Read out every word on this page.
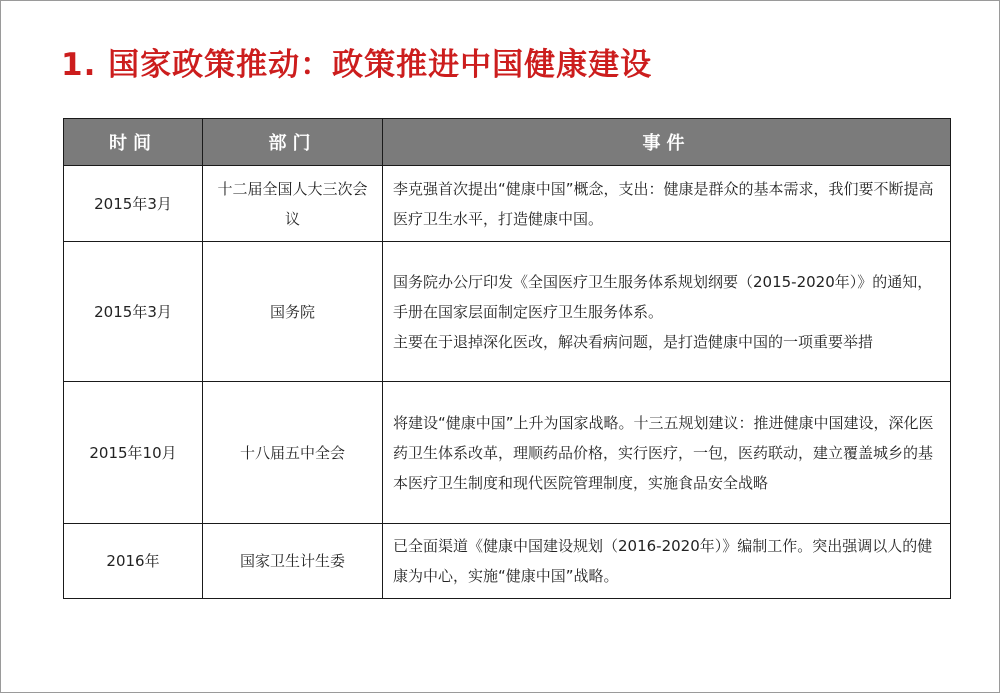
1. 国家政策推动：政策推进中国健康建设
时间	部门	事件
2015年3月	十二届全国人大三次会议	李克强首次提出“健康中国”概念，支出：健康是群众的基本需求，我们要不断提高医疗卫生水平，打造健康中国。

2015年3月	国务院	国务院办公厅印发《全国医疗卫生服务体系规划纲要（2015-2020年）》的通知，手册在国家层面制定医疗卫生服务体系。

主要在于退掉深化医改，解决看病问题，是打造健康中国的一项重要举措

2015年10月	十八届五中全会	将建设“健康中国”上升为国家战略。十三五规划建议：推进健康中国建设，深化医药卫生体系改革，理顺药品价格，实行医疗，一包，医药联动，建立覆盖城乡的基本医疗卫生制度和现代医院管理制度，实施食品安全战略

2016年	国家卫生计生委	已全面渠道《健康中国建设规划（2016-2020年）》编制工作。突出强调以人的健康为中心，实施“健康中国”战略。
